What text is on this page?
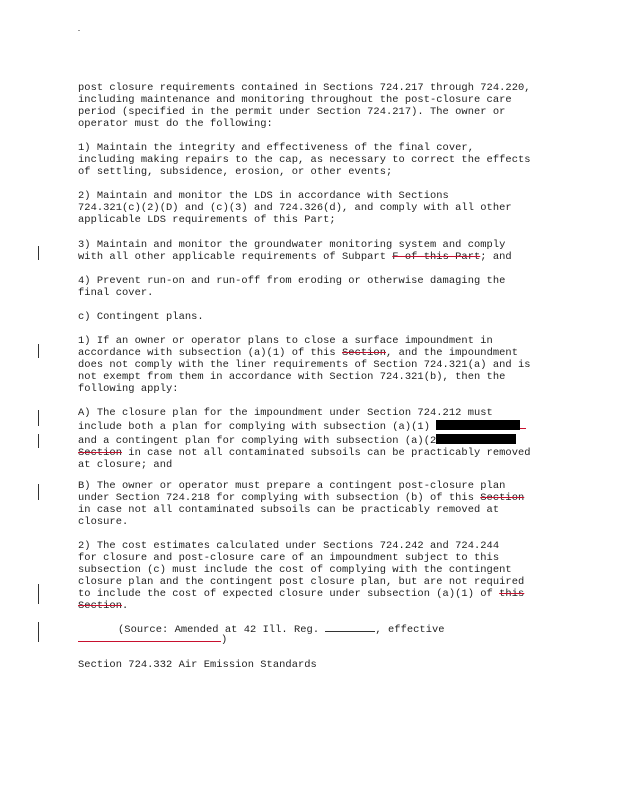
post closure requirements contained in Sections 724.217 through 724.220,
including maintenance and monitoring throughout the post-closure care
period (specified in the permit under Section 724.217). The owner or
operator must do the following:

1) Maintain the integrity and effectiveness of the final cover,
including making repairs to the cap, as necessary to correct the effects
of settling, subsidence, erosion, or other events;

2) Maintain and monitor the LDS in accordance with Sections
724.321(c)(2)(D) and (c)(3) and 724.326(d), and comply with all other
applicable LDS requirements of this Part;

3) Maintain and monitor the groundwater monitoring system and comply
with all other applicable requirements of Subpart F of this Part; and

4) Prevent run-on and run-off from eroding or otherwise damaging the
final cover.

c) Contingent plans.

1) If an owner or operator plans to close a surface impoundment in
accordance with subsection (a)(1) of this Section, and the impoundment
does not comply with the liner requirements of Section 724.321(a) and is
not exempt from them in accordance with Section 724.321(b), then the
following apply:

A) The closure plan for the impoundment under Section 724.212 must
include both a plan for complying with subsection (a)(1)
and a contingent plan for complying with subsection (a)(2
Section in case not all contaminated subsoils can be practicably removed
at closure; and

B) The owner or operator must prepare a contingent post-closure plan
under Section 724.218 for complying with subsection (b) of this Section
in case not all contaminated subsoils can be practicably removed at
closure.

2) The cost estimates calculated under Sections 724.242 and 724.244
for closure and post-closure care of an impoundment subject to this
subsection (c) must include the cost of complying with the contingent
closure plan and the contingent post closure plan, but are not required
to include the cost of expected closure under subsection (a)(1) of this
Section.

(Source: Amended at 42 Ill. Reg.	, effective

)

Section 724.332 Air Emission Standards
